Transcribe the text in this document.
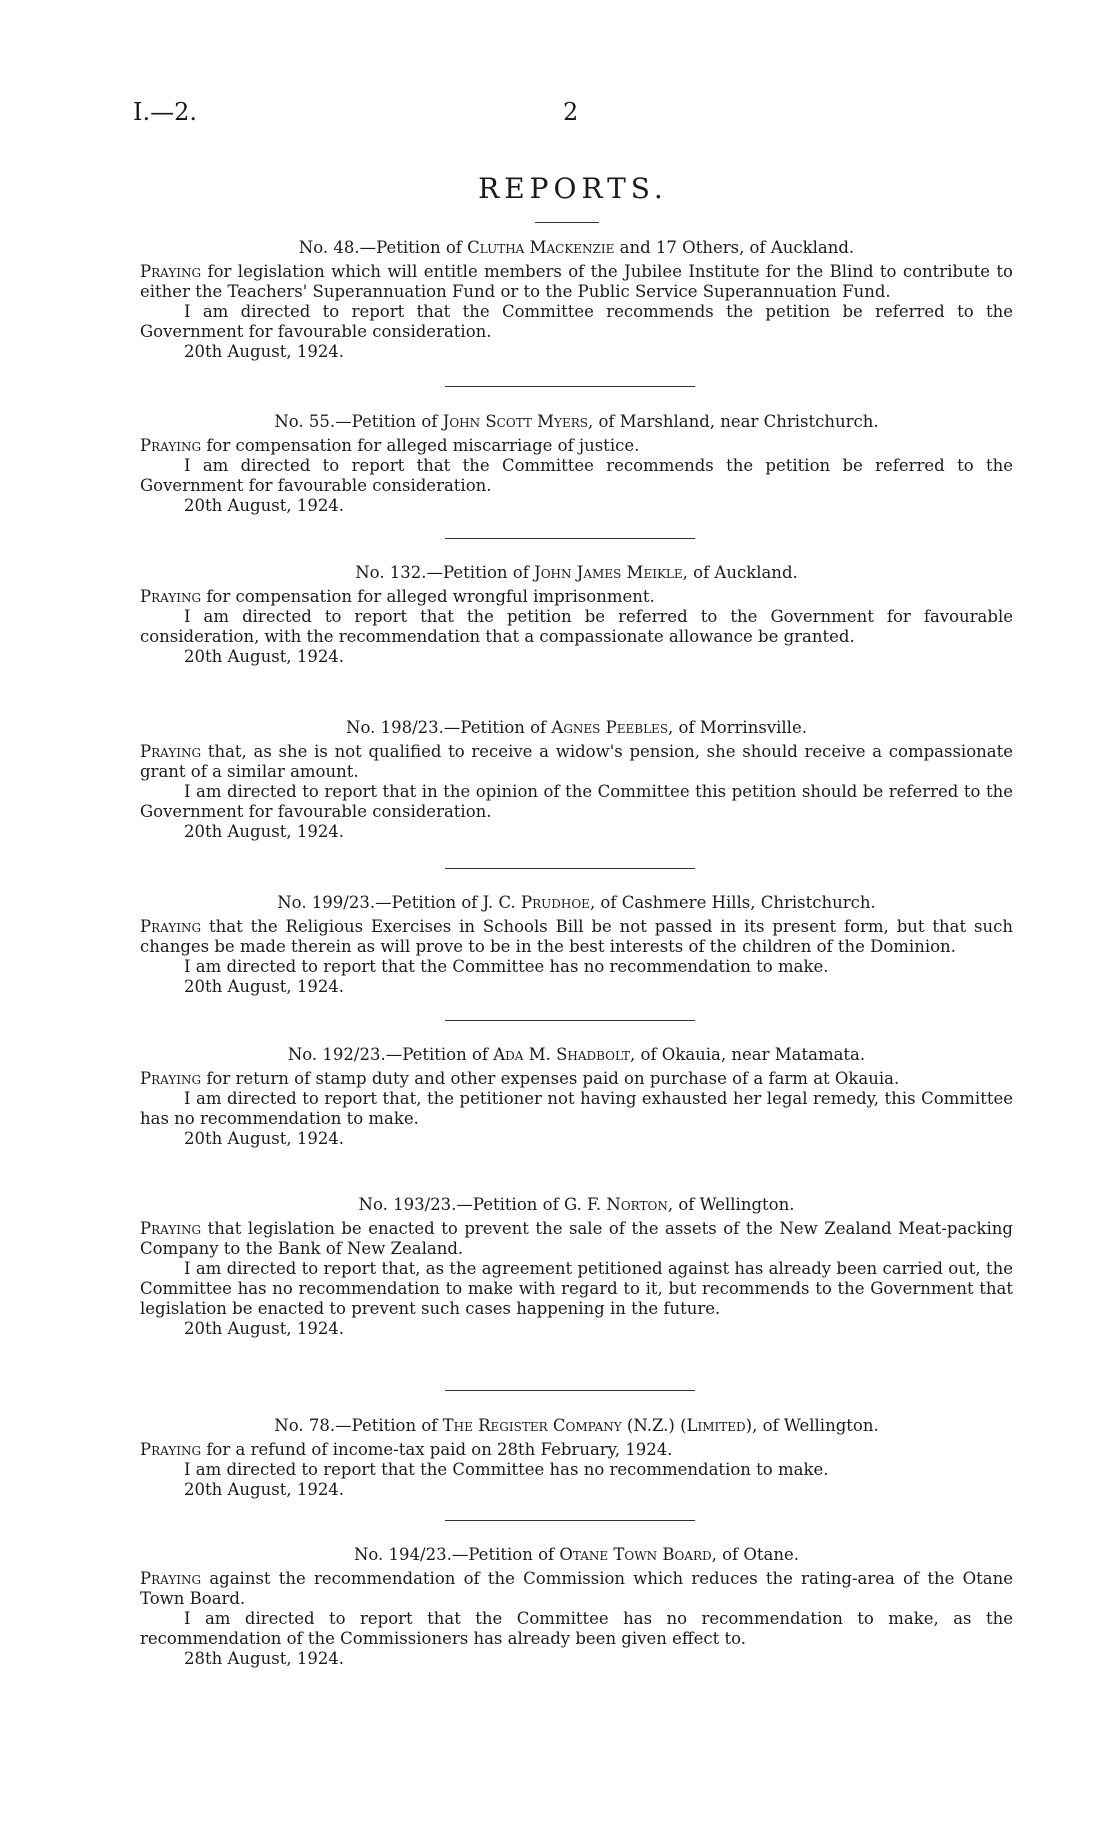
I.—2.	2
REPORTS.
No. 48.—Petition of Clutha Mackenzie and 17 Others, of Auckland.

Praying for legislation which will entitle members of the Jubilee Institute for the Blind to contribute to either the Teachers' Superannuation Fund or to the Public Service Superannuation Fund.

I am directed to report that the Committee recommends the petition be referred to the Government for favourable consideration.

20th August, 1924.

No. 55.—Petition of John Scott Myers, of Marshland, near Christchurch.

Praying for compensation for alleged miscarriage of justice.

I am directed to report that the Committee recommends the petition be referred to the Government for favourable consideration.

20th August, 1924.

No. 132.—Petition of John James Meikle, of Auckland.

Praying for compensation for alleged wrongful imprisonment.

I am directed to report that the petition be referred to the Government for favourable consideration, with the recommendation that a compassionate allowance be granted.

20th August, 1924.

No. 198/23.—Petition of Agnes Peebles, of Morrinsville.

Praying that, as she is not qualified to receive a widow's pension, she should receive a compassionate grant of a similar amount.

I am directed to report that in the opinion of the Committee this petition should be referred to the Government for favourable consideration.

20th August, 1924.

No. 199/23.—Petition of J. C. Prudhoe, of Cashmere Hills, Christchurch.

Praying that the Religious Exercises in Schools Bill be not passed in its present form, but that such changes be made therein as will prove to be in the best interests of the children of the Dominion.

I am directed to report that the Committee has no recommendation to make.

20th August, 1924.

No. 192/23.—Petition of Ada M. Shadbolt, of Okauia, near Matamata.

Praying for return of stamp duty and other expenses paid on purchase of a farm at Okauia.

I am directed to report that, the petitioner not having exhausted her legal remedy, this Committee has no recommendation to make.

20th August, 1924.

No. 193/23.—Petition of G. F. Norton, of Wellington.

Praying that legislation be enacted to prevent the sale of the assets of the New Zealand Meat-packing Company to the Bank of New Zealand.

I am directed to report that, as the agreement petitioned against has already been carried out, the Committee has no recommendation to make with regard to it, but recommends to the Government that legislation be enacted to prevent such cases happening in the future.

20th August, 1924.

No. 78.—Petition of The Register Company (N.Z.) (Limited), of Wellington.

Praying for a refund of income-tax paid on 28th February, 1924.

I am directed to report that the Committee has no recommendation to make.

20th August, 1924.

No. 194/23.—Petition of Otane Town Board, of Otane.

Praying against the recommendation of the Commission which reduces the rating-area of the Otane Town Board.

I am directed to report that the Committee has no recommendation to make, as the recommendation of the Commissioners has already been given effect to.

28th August, 1924.
